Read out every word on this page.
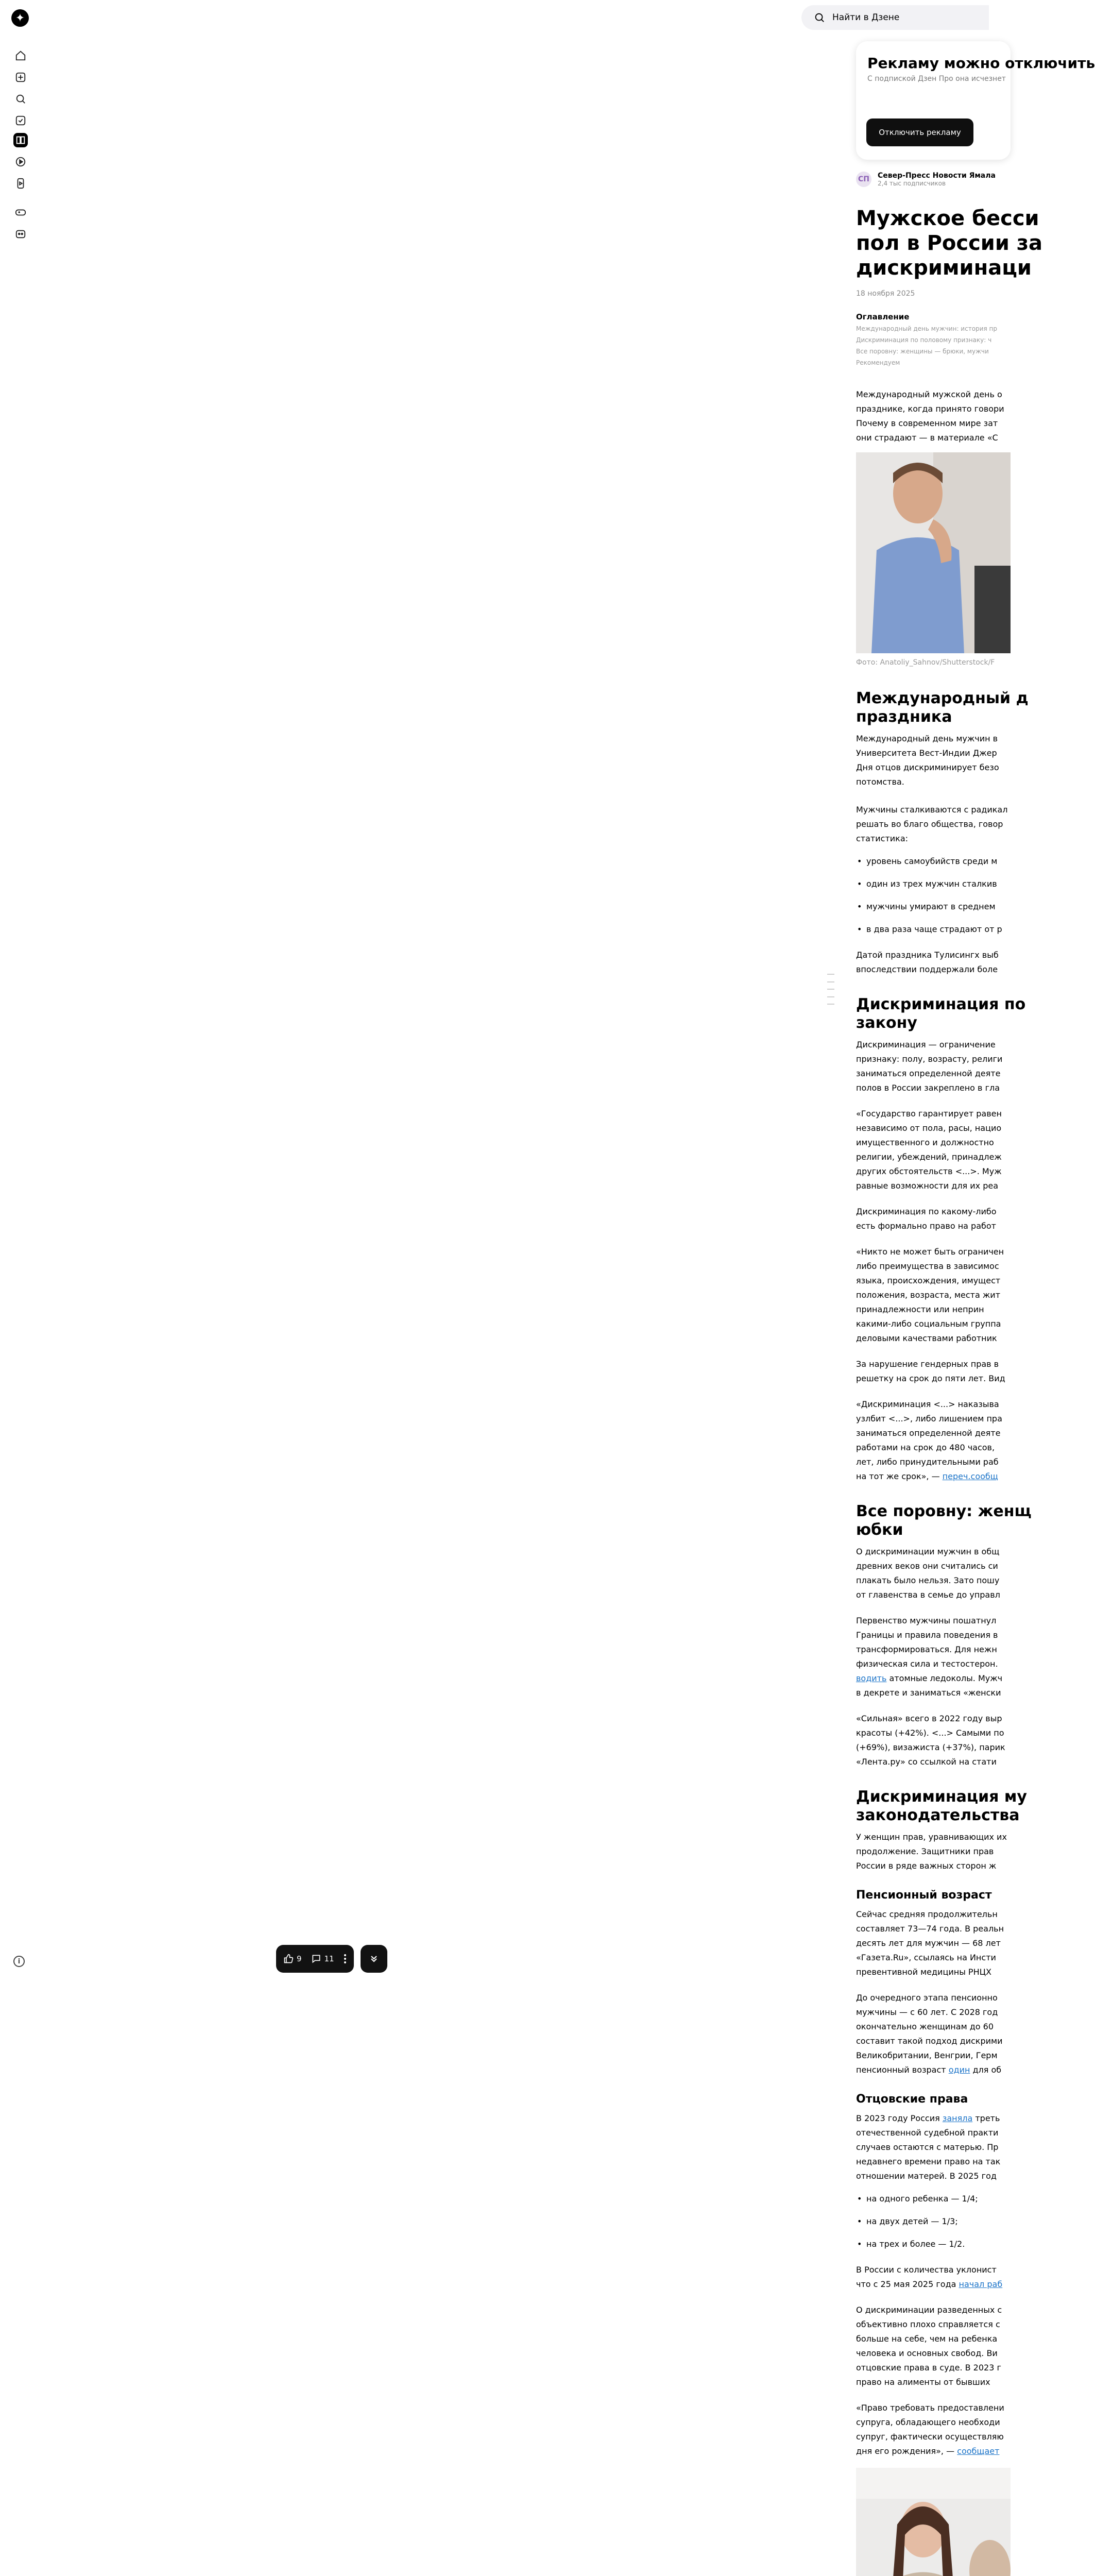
✦
i
Найти в Дзене
Рекламу можно отключить
С подпиской Дзен Про она исчезнет
Отключить рекламу
СП Север-Пресс Новости Ямала
2,4 тыс подписчиков
Мужское бесси
пол в России за
дискриминаци
18 ноября 2025
Оглавление
Международный день мужчин: история пр
Дискриминация по половому признаку: ч
Все поровну: женщины — брюки, мужчи
Рекомендуем

Международный мужской день о

празднике, когда принято говори

Почему в современном мире зат

они страдают — в материале «С

Фото: Anatoliy_Sahnov/Shutterstock/F
Международный д
праздника

Международный день мужчин в

Университета Вест-Индии Джер

Дня отцов дискриминирует безо

потомства.

Мужчины сталкиваются с радикал

решать во благо общества, говор

статистика:

• уровень самоубийств среди м
• один из трех мужчин сталкив
• мужчины умирают в среднем
• в два раза чаще страдают от р

Датой праздника Тулисингх выб

впоследствии поддержали боле

Дискриминация по
закону

Дискриминация — ограничение

признаку: полу, возрасту, религи

заниматься определенной деяте

полов в России закреплено в гла

«Государство гарантирует равен

независимо от пола, расы, нацио

имущественного и должностно

религии, убеждений, принадлеж

других обстоятельств <...>. Муж

равные возможности для их реа

Дискриминация по какому-либо

есть формально право на работ

«Никто не может быть ограничен

либо преимущества в зависимос

языка, происхождения, имущест

положения, возраста, места жит

принадлежности или неприн

какими-либо социальным группа

деловыми качествами работник

За нарушение гендерных прав в

решетку на срок до пяти лет. Вид

«Дискриминация <...> наказыва

узлбит <...>, либо лишением пра

заниматься определенной деяте

работами на срок до 480 часов,

лет, либо принудительными раб

на тот же срок», — переч.сообщ

Все поровну: женщ
юбки

О дискриминации мужчин в общ

древних веков они считались си

плакать было нельзя. Зато пошу

от главенства в семье до управл

Первенство мужчины пошатнул

Границы и правила поведения в

трансформироваться. Для нежн

физическая сила и тестостерон.

водить атомные ледоколы. Мужч

в декрете и заниматься «женски

«Сильная» всего в 2022 году выр

красоты (+42%). <...> Самыми по

(+69%), визажиста (+37%), парик

«Лента.ру» со ссылкой на стати

Дискриминация му
законодательства

У женщин прав, уравнивающих их

продолжение. Защитники прав

России в ряде важных сторон ж

Пенсионный возраст

Сейчас средняя продолжительн

составляет 73—74 года. В реальн

десять лет для мужчин — 68 лет

«Газета.Ru», ссылаясь на Инсти

превентивной медицины РНЦХ

До очередного этапа пенсионно

мужчины — с 60 лет. С 2028 год

окончательно женщинам до 60

составит такой подход дискрими

Великобритании, Венгрии, Герм

пенсионный возраст один для об

Отцовские права

В 2023 году Россия заняла треть

отечественной судебной практи

случаев остаются с матерью. Пр

недавнего времени право на так

отношении матерей. В 2025 год

• на одного ребенка — 1/4;
• на двух детей — 1/3;
• на трех и более — 1/2.

В России с количества уклонист

что с 25 мая 2025 года начал раб

О дискриминации разведенных с

объективно плохо справляется с

больше на себе, чем на ребенка

человека и основных свобод. Ви

отцовские права в суде. В 2023 г

право на алименты от бывших

«Право требовать предоставлени

супруга, обладающего необходи

супруг, фактически осуществляю

дня его рождения», — сообщает

9	11
